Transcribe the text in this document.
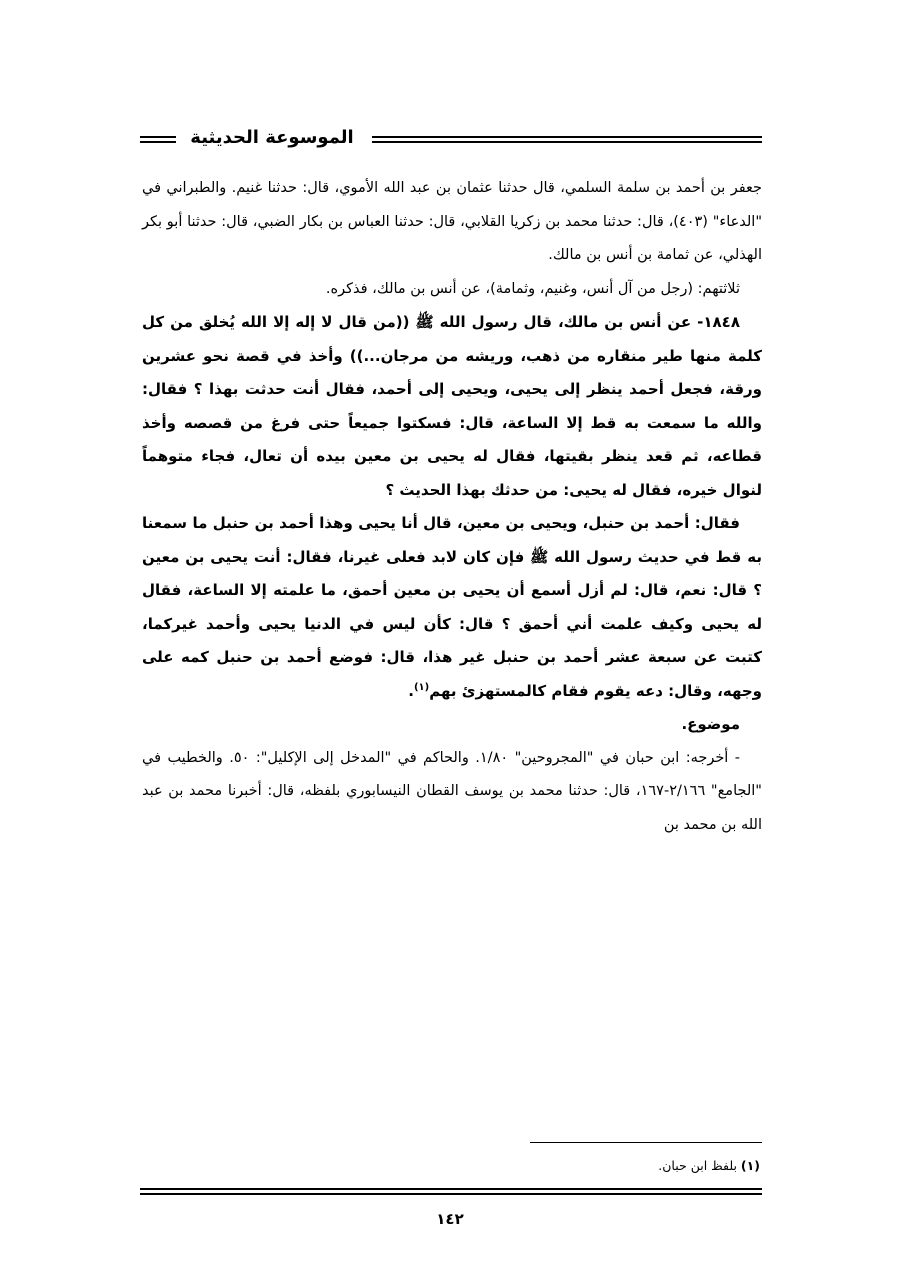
الموسوعة الحديثية

جعفر بن أحمد بن سلمة السلمي، قال حدثنا عثمان بن عبد الله الأموي، قال: حدثنا غنيم. والطبراني في "الدعاء" (٤٠٣)، قال: حدثنا محمد بن زكريا القلابي، قال: حدثنا العباس بن بكار الضبي، قال: حدثنا أبو بكر الهذلي، عن ثمامة بن أنس بن مالك.

ثلاثتهم: (رجل من آل أنس، وغنيم، وثمامة)، عن أنس بن مالك، فذكره.

١٨٤٨- عن أنس بن مالك، قال رسول الله ﷺ ((من قال لا إله إلا الله يُخلق من كل كلمة منها طير منقاره من ذهب، وريشه من مرجان...)) وأخذ في قصة نحو عشرين ورقة، فجعل أحمد ينظر إلى يحيى، ويحيى إلى أحمد، فقال أنت حدثت بهذا ؟ فقال: والله ما سمعت به قط إلا الساعة، قال: فسكتوا جميعاً حتى فرغ من قصصه وأخذ قطاعه، ثم قعد ينظر بقيتها، فقال له يحيى بن معين بيده أن تعال، فجاء متوهماً لنوال خيره، فقال له يحيى: من حدثك بهذا الحديث ؟

فقال: أحمد بن حنبل، ويحيى بن معين، قال أنا يحيى وهذا أحمد بن حنبل ما سمعنا به قط في حديث رسول الله ﷺ فإن كان لابد فعلى غيرنا، فقال: أنت يحيى بن معين ؟ قال: نعم، قال: لم أزل أسمع أن يحيى بن معين أحمق، ما علمته إلا الساعة، فقال له يحيى وكيف علمت أني أحمق ؟ قال: كأن ليس في الدنيا يحيى وأحمد غيركما، كتبت عن سبعة عشر أحمد بن حنبل غير هذا، قال: فوضع أحمد بن حنبل كمه على وجهه، وقال: دعه يقوم فقام كالمستهزئ بهم$^{(١)}$.

موضوع.

- أخرجه: ابن حبان في "المجروحين" ١/٨٠. والحاكم في "المدخل إلى الإكليل": ٥٠. والخطيب في "الجامع" ٢/١٦٦-١٦٧، قال: حدثنا محمد بن يوسف القطان النيسابوري بلفظه، قال: أخبرنا محمد بن عبد الله بن محمد بن

(١) بلفظ ابن حبان.
١٤٢
